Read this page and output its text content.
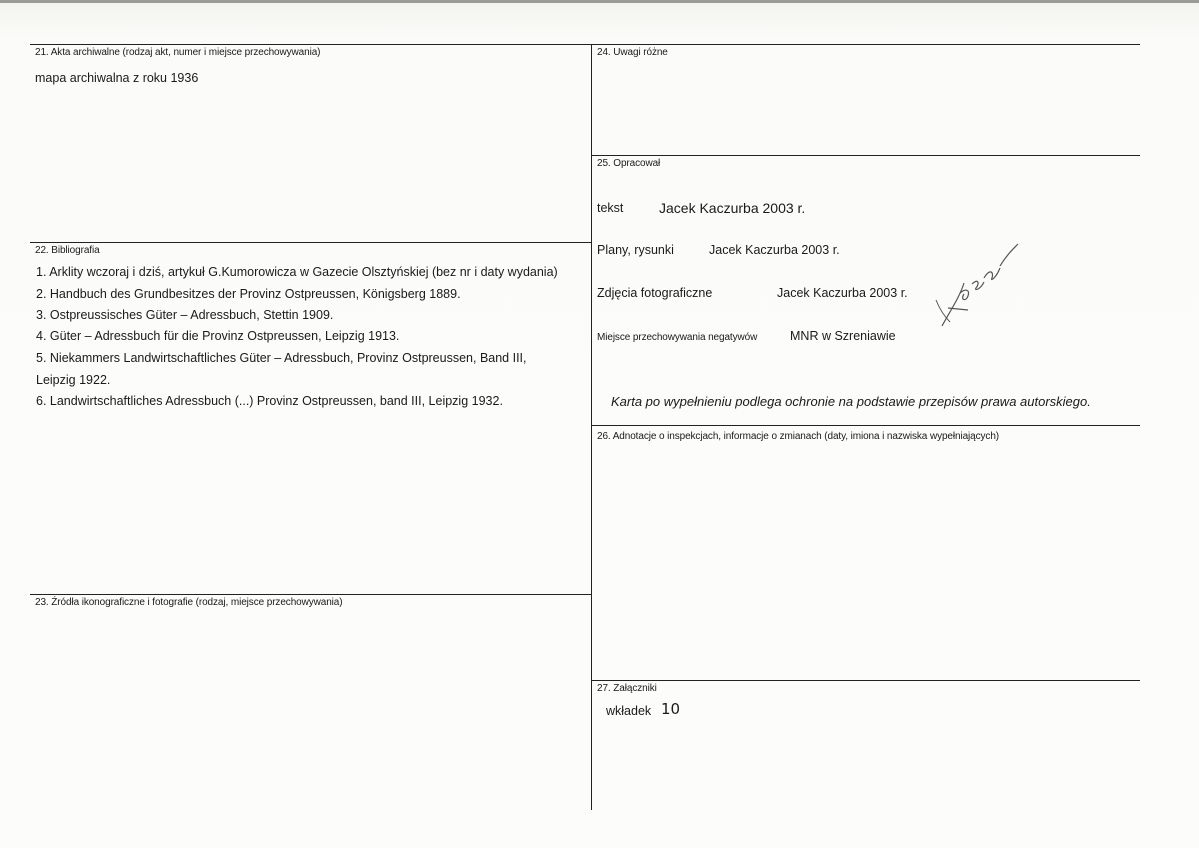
21. Akta archiwalne (rodzaj akt, numer i miejsce przechowywania)
mapa archiwalna z roku 1936
22. Bibliografia
1. Arklity wczoraj i dziś, artykuł G.Kumorowicza w Gazecie Olsztyńskiej (bez nr i daty wydania)
2. Handbuch des Grundbesitzes der Provinz Ostpreussen, Königsberg 1889.
3. Ostpreussisches Güter – Adressbuch, Stettin 1909.
4. Güter – Adressbuch für die Provinz Ostpreussen, Leipzig 1913.
5. Niekammers Landwirtschaftliches Güter – Adressbuch, Provinz Ostpreussen, Band III,
Leipzig 1922.
6. Landwirtschaftliches Adressbuch (...) Provinz Ostpreussen, band III, Leipzig 1932.
23. Źródła ikonograficzne i fotografie (rodzaj, miejsce przechowywania)
24. Uwagi różne
25. Opracował
tekst	Jacek Kaczurba 2003 r.
Plany, rysunki	Jacek Kaczurba 2003 r.
Zdjęcia fotograficzne	Jacek Kaczurba 2003 r.
Miejsce przechowywania negatywów	MNR w Szreniawie
Karta po wypełnieniu podlega ochronie na podstawie przepisów prawa autorskiego.
26. Adnotacje o inspekcjach, informacje o zmianach (daty, imiona i nazwiska wypełniających)
27. Załączniki
wkładek 10
